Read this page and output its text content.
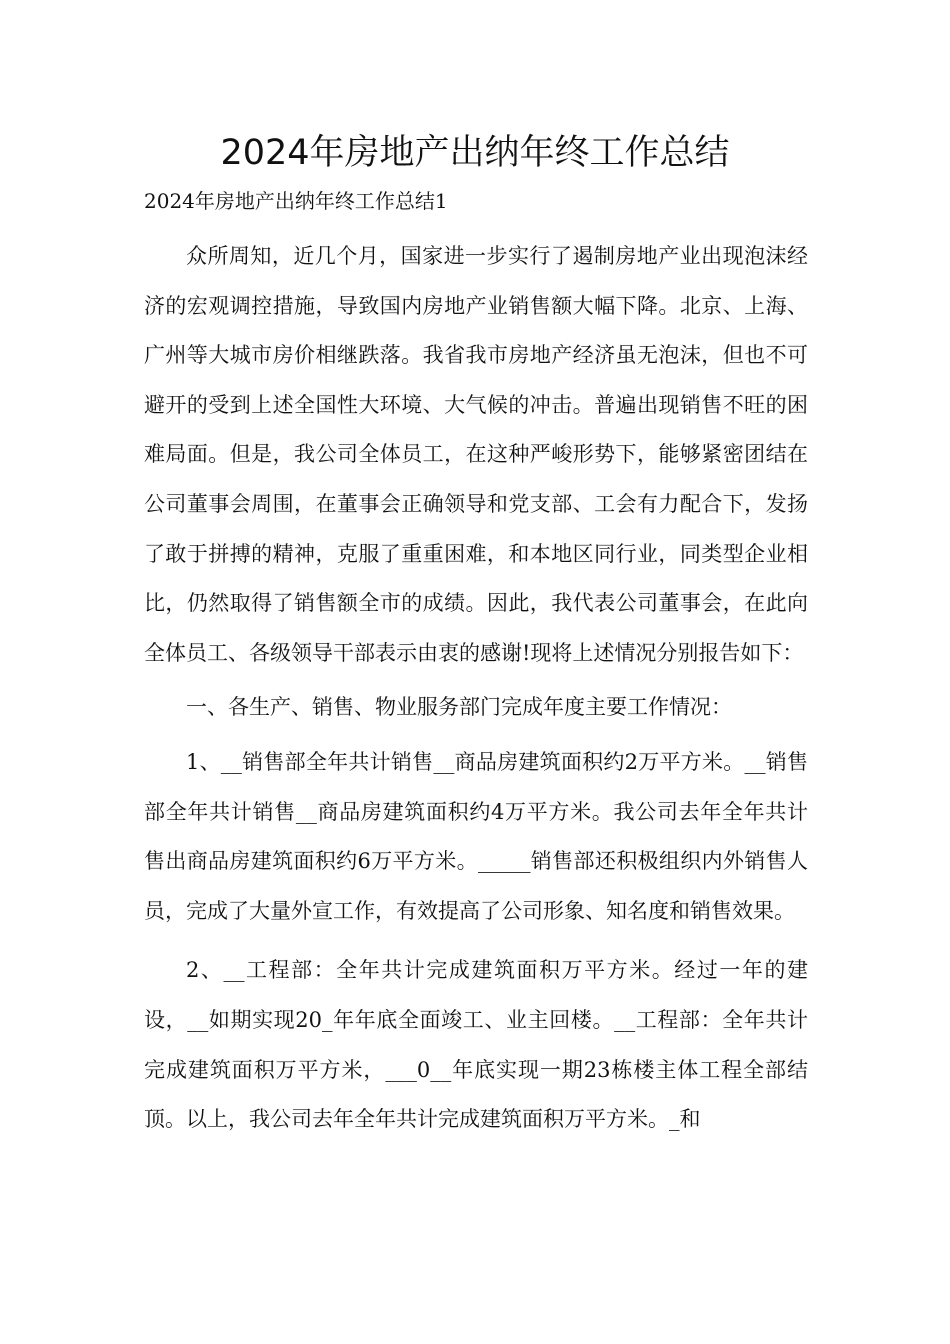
2024年房地产出纳年终工作总结

2024年房地产出纳年终工作总结1

众所周知，近几个月，国家进一步实行了遏制房地产业出现泡沫经济的宏观调控措施，导致国内房地产业销售额大幅下降。北京、上海、广州等大城市房价相继跌落。我省我市房地产经济虽无泡沫，但也不可避开的受到上述全国性大环境、大气候的冲击。普遍出现销售不旺的困难局面。但是，我公司全体员工，在这种严峻形势下，能够紧密团结在公司董事会周围，在董事会正确领导和党支部、工会有力配合下，发扬了敢于拼搏的精神，克服了重重困难，和本地区同行业，同类型企业相比，仍然取得了销售额全市的成绩。因此，我代表公司董事会，在此向全体员工、各级领导干部表示由衷的感谢!现将上述情况分别报告如下：

一、各生产、销售、物业服务部门完成年度主要工作情况：

1、__销售部全年共计销售__商品房建筑面积约2万平方米。__销售部全年共计销售__商品房建筑面积约4万平方米。我公司去年全年共计售出商品房建筑面积约6万平方米。_____销售部还积极组织内外销售人员，完成了大量外宣工作，有效提高了公司形象、知名度和销售效果。

2、__工程部：全年共计完成建筑面积万平方米。经过一年的建设，__如期实现20_年年底全面竣工、业主回楼。__工程部：全年共计完成建筑面积万平方米，___0__年底实现一期23栋楼主体工程全部结顶。以上，我公司去年全年共计完成建筑面积万平方米。_和
